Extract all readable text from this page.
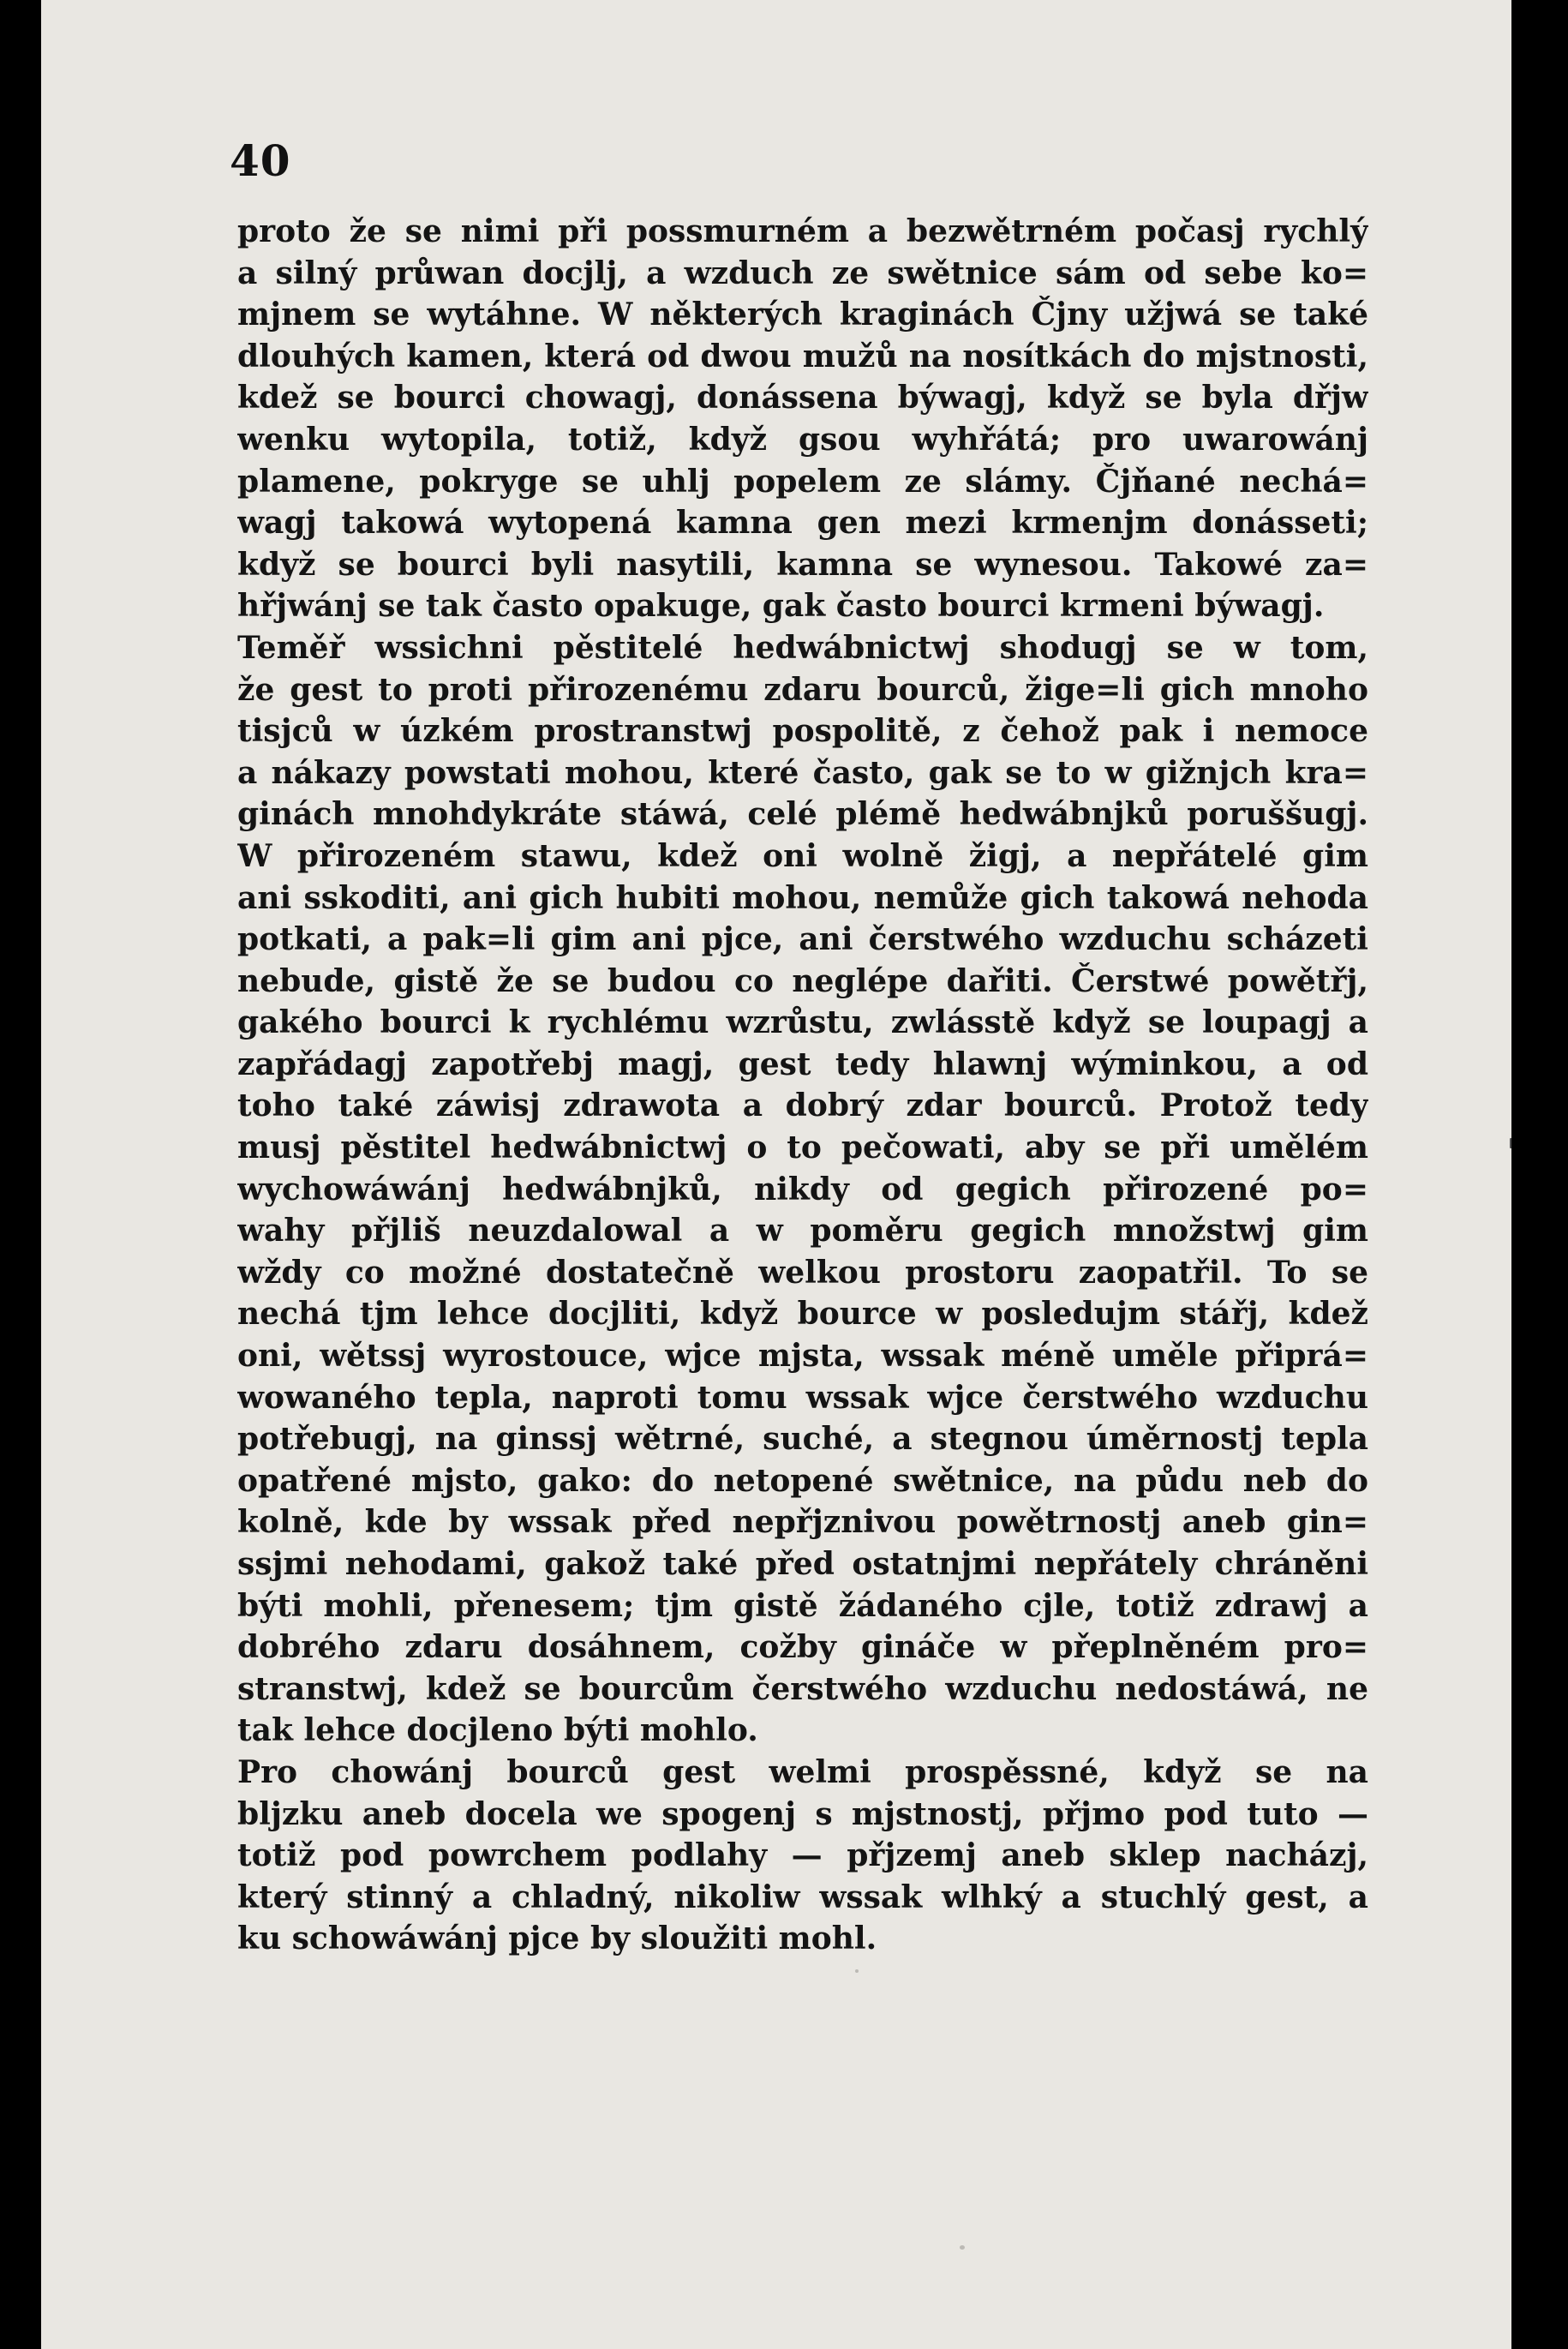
40
proto že se nimi při possmurném a bezwětrném počasj rychlý
a silný průwan docjlj, a wzduch ze swětnice sám od sebe ko=
mjnem se wytáhne. W některých kraginách Čjny užjwá se také
dlouhých kamen, která od dwou mužů na nosítkách do mjstnosti,
kdež se bourci chowagj, donássena býwagj, když se byla dřjw
wenku wytopila, totiž, když gsou wyhřátá; pro uwarowánj
plamene, pokryge se uhlj popelem ze slámy. Čjňané nechá=
wagj takowá wytopená kamna gen mezi krmenjm donásseti;
když se bourci byli nasytili, kamna se wynesou. Takowé za=
hřjwánj se tak často opakuge, gak často bourci krmeni býwagj.
Teměř wssichni pěstitelé hedwábnictwj shodugj se w tom,
že gest to proti přirozenému zdaru bourců, žige=li gich mnoho
tisjců w úzkém prostranstwj pospolitě, z čehož pak i nemoce
a nákazy powstati mohou, které často, gak se to w gižnjch kra=
ginách mnohdykráte stáwá, celé plémě hedwábnjků poruššugj.
W přirozeném stawu, kdež oni wolně žigj, a nepřátelé gim
ani sskoditi, ani gich hubiti mohou, nemůže gich takowá nehoda
potkati, a pak=li gim ani pjce, ani čerstwého wzduchu scházeti
nebude, gistě že se budou co neglépe dařiti. Čerstwé powětřj,
gakého bourci k rychlému wzrůstu, zwlásstě když se loupagj a
zapřádagj zapotřebj magj, gest tedy hlawnj wýminkou, a od
toho také záwisj zdrawota a dobrý zdar bourců. Protož tedy
musj pěstitel hedwábnictwj o to pečowati, aby se při umělém
wychowáwánj hedwábnjků, nikdy od gegich přirozené po=
wahy přjliš neuzdalowal a w poměru gegich množstwj gim
wždy co možné dostatečně welkou prostoru zaopatřil. To se
nechá tjm lehce docjliti, když bource w posledujm stářj, kdež
oni, wětssj wyrostouce, wjce mjsta, wssak méně uměle připrá=
wowaného tepla, naproti tomu wssak wjce čerstwého wzduchu
potřebugj, na ginssj wětrné, suché, a stegnou úměrnostj tepla
opatřené mjsto, gako: do netopené swětnice, na půdu neb do
kolně, kde by wssak před nepřjznivou powětrnostj aneb gin=
ssjmi nehodami, gakož také před ostatnjmi nepřátely chráněni
býti mohli, přenesem; tjm gistě žádaného cjle, totiž zdrawj a
dobrého zdaru dosáhnem, cožby gináče w přeplněném pro=
stranstwj, kdež se bourcům čerstwého wzduchu nedostáwá, ne
tak lehce docjleno býti mohlo.
Pro chowánj bourců gest welmi prospěssné, když se na
bljzku aneb docela we spogenj s mjstnostj, přjmo pod tuto —
totiž pod powrchem podlahy — přjzemj aneb sklep nacházj,
který stinný a chladný, nikoliw wssak wlhký a stuchlý gest, a
ku schowáwánj pjce by sloužiti mohl.
